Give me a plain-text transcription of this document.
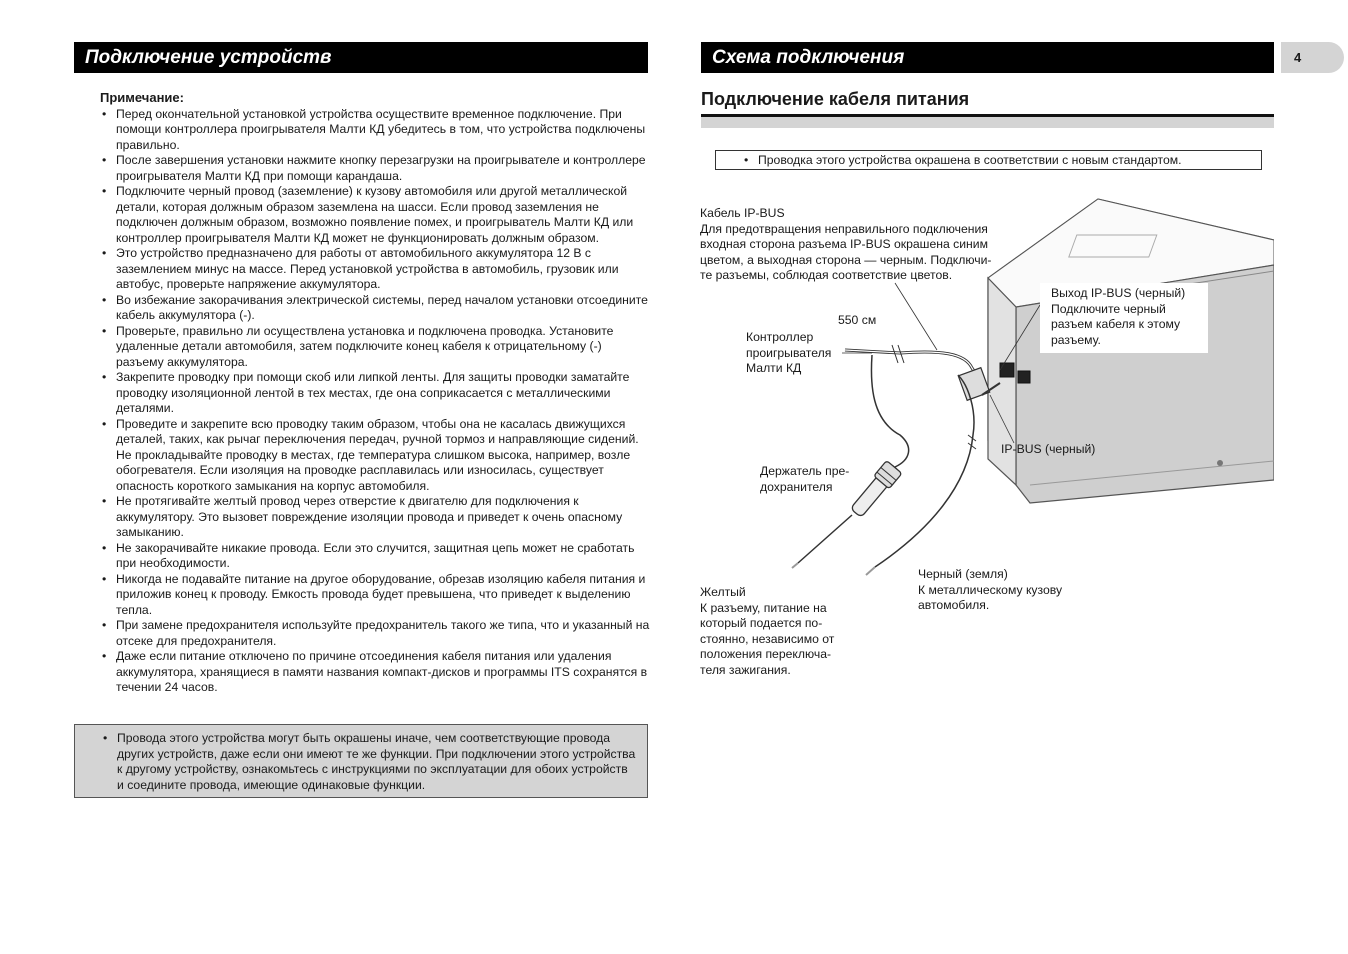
Подключение устройств
Примечание:
• Перед окончательной установкой устройства осуществите временное подключение. При помощи контроллера проигрывателя Малти КД убедитесь в том, что устройства подключены правильно.
• После завершения установки нажмите кнопку перезагрузки на проигрывателе и контроллере проигрывателя Малти КД при помощи карандаша.
• Подключите черный провод (заземление) к кузову автомобиля или другой металлической детали, которая должным образом заземлена на шасси. Если провод заземления не подключен должным образом, возможно появление помех, и проигрыватель Малти КД или контроллер проигрывателя Малти КД может не функционировать должным образом.
• Это устройство предназначено для работы от автомобильного аккумулятора 12 В с заземлением минус на массе. Перед установкой устройства в автомобиль, грузовик или автобус, проверьте напряжение аккумулятора.
• Во избежание закорачивания электрической системы, перед началом установки отсоедините кабель аккумулятора (-).
• Проверьте, правильно ли осуществлена установка и подключена проводка. Установите удаленные детали автомобиля, затем подключите конец кабеля к отрицательному (-) разъему аккумулятора.
• Закрепите проводку при помощи скоб или липкой ленты. Для защиты проводки заматайте проводку изоляционной лентой в тех местах, где она соприкасается с металлическими деталями.
• Проведите и закрепите всю проводку таким образом, чтобы она не касалась движущихся деталей, таких, как рычаг переключения передач, ручной тормоз и направляющие сидений. Не прокладывайте проводку в местах, где температура слишком высока, например, возле обогревателя. Если изоляция на проводке расплавилась или износилась, существует опасность короткого замыкания на корпус автомобиля.
• Не протягивайте желтый провод через отверстие к двигателю для подключения к аккумулятору. Это вызовет повреждение изоляции провода и приведет к очень опасному замыканию.
• Не закорачивайте никакие провода. Если это случится, защитная цепь может не сработать при необходимости.
• Никогда не подавайте питание на другое оборудование, обрезав изоляцию кабеля питания и приложив конец к проводу. Емкость провода будет превышена, что приведет к выделению тепла.
• При замене предохранителя используйте предохранитель такого же типа, что и указанный на отсеке для предохранителя.
• Даже если питание отключено по причине отсоединения кабеля питания или удаления аккумулятора, хранящиеся в памяти названия компакт-дисков и программы ITS сохранятся в течении 24 часов.
• Провода этого устройства могут быть окрашены иначе, чем соответствующие провода других устройств, даже если они имеют те же функции. При подключении этого устройства к другому устройству, ознакомьтесь с инструкциями по эксплуатации для обоих устройств и соедините провода, имеющие одинаковые функции.
Схема подключения	4
Подключение кабеля питания
• Проводка этого устройства окрашена в соответствии с новым стандартом.
Кабель IP-BUS
Для предотвращения неправильного подключения
входная сторона разъема IP-BUS окрашена синим
цветом, а выходная сторона — черным. Подключи-
те разъемы, соблюдая соответствие цветов.
Выход IP-BUS (черный)
Подключите черный
разъем кабеля к этому
разъему.
550 см
Контроллер
проигрывателя
Малти КД
IP-BUS (черный)
Держатель пре-
дохранителя
Желтый
К разъему, питание на
который подается по-
стоянно, независимо от
положения переключа-
теля зажигания.
Черный (земля)
К металлическому кузову
автомобиля.
